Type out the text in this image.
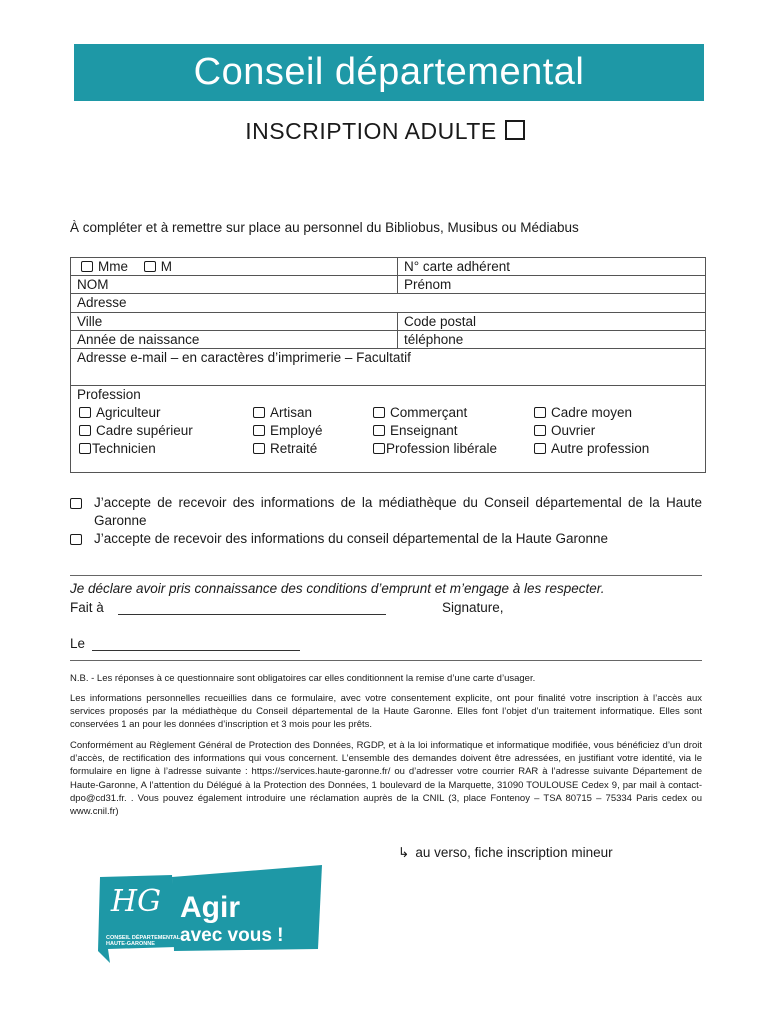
Conseil départemental
INSCRIPTION ADULTE
À compléter et à remettre sur place au personnel du Bibliobus, Musibus ou Médiabus
Mme M	N° carte adhérent
NOM	Prénom
Adresse
Ville	Code postal
Année de naissance	téléphone
Adresse e-mail – en caractères d’imprimerie – Facultatif
Profession
Agriculteur	Artisan	Commerçant	Cadre moyen
Cadre supérieur	Employé	Enseignant	Ouvrier
Technicien	Retraité	Profession libérale	Autre profession
J’accepte de recevoir des informations de la médiathèque du Conseil départemental de la Haute Garonne
J’accepte de recevoir des informations du conseil départemental de la Haute Garonne
Je déclare avoir pris connaissance des conditions d’emprunt et m’engage à les respecter.
Fait à	Signature,
Le
N.B. - Les réponses à ce questionnaire sont obligatoires car elles conditionnent la remise d’une carte d’usager.
Les informations personnelles recueillies dans ce formulaire, avec votre consentement explicite, ont pour finalité votre inscription à l’accès aux services proposés par la médiathèque du Conseil départemental de la Haute Garonne. Elles font l’objet d’un traitement informatique. Elles sont conservées 1 an pour les données d’inscription et 3 mois pour les prêts.
Conformément au Règlement Général de Protection des Données, RGDP, et à la loi informatique et informatique modifiée, vous bénéficiez d’un droit d’accès, de rectification des informations qui vous concernent. L’ensemble des demandes doivent être adressées, en justifiant votre identité, via le formulaire en ligne à l’adresse suivante : https://services.haute-garonne.fr/ ou d’adresser votre courrier RAR à l’adresse suivante Département de Haute-Garonne, A l’attention du Délégué à la Protection des Données, 1 boulevard de la Marquette, 31090 TOULOUSE Cedex 9, par mail à contact-dpo@cd31.fr. . Vous pouvez également introduire une réclamation auprès de la CNIL (3, place Fontenoy – TSA 80715 – 75334 Paris cedex ou www.cnil.fr)
↳ au verso, fiche inscription mineur
HG
CONSEIL DÉPARTEMENTAL
HAUTE-GARONNE
Agir
avec vous !
